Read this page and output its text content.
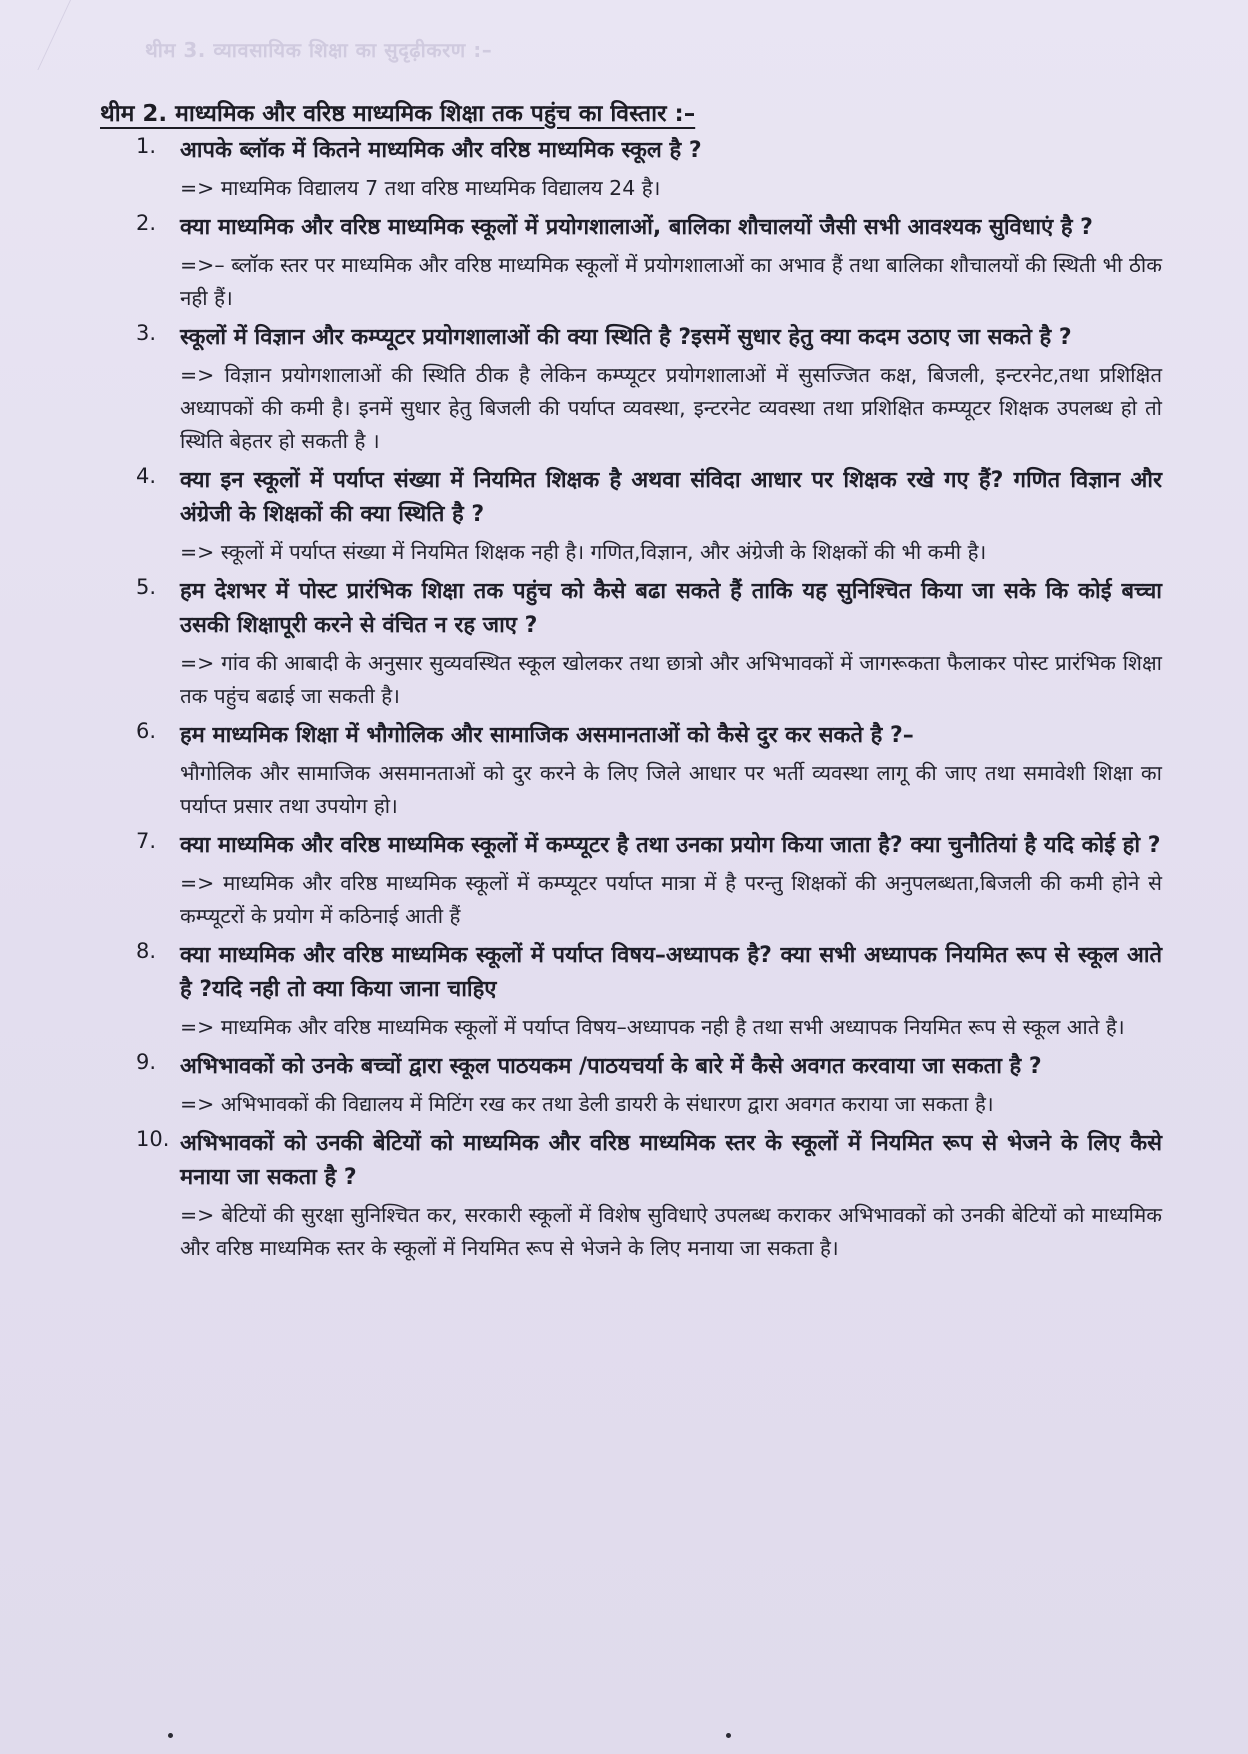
थीम 3. व्यावसायिक शिक्षा का सुदृढ़ीकरण :–
थीम 2. माध्यमिक और वरिष्ठ माध्यमिक शिक्षा तक पहुंच का विस्तार :–
1. आपके ब्लॉक में कितने माध्यमिक और वरिष्ठ माध्यमिक स्कूल है ?
=> माध्यमिक विद्यालय 7 तथा वरिष्ठ माध्यमिक विद्यालय 24 है।
2. क्या माध्यमिक और वरिष्ठ माध्यमिक स्कूलों में प्रयोगशालाओं, बालिका शौचालयों जैसी सभी आवश्यक सुविधाएं है ?
=>– ब्लॉक स्तर पर माध्यमिक और वरिष्ठ माध्यमिक स्कूलों में प्रयोगशालाओं का अभाव हैं तथा बालिका शौचालयों की स्थिती भी ठीक नही हैं।
3. स्कूलों में विज्ञान और कम्प्यूटर प्रयोगशालाओं की क्या स्थिति है ?इसमें सुधार हेतु क्या कदम उठाए जा सकते है ?
=> विज्ञान प्रयोगशालाओं की स्थिति ठीक है लेकिन कम्प्यूटर प्रयोगशालाओं में सुसज्जित कक्ष, बिजली, इन्टरनेट,तथा प्रशिक्षित अध्यापकों की कमी है। इनमें सुधार हेतु बिजली की पर्याप्त व्यवस्था, इन्टरनेट व्यवस्था तथा प्रशिक्षित कम्प्यूटर शिक्षक उपलब्ध हो तो स्थिति बेहतर हो सकती है ।
4. क्या इन स्कूलों में पर्याप्त संख्या में नियमित शिक्षक है अथवा संविदा आधार पर शिक्षक रखे गए हैं? गणित विज्ञान और अंग्रेजी के शिक्षकों की क्या स्थिति है ?
=> स्कूलों में पर्याप्त संख्या में नियमित शिक्षक नही है। गणित,विज्ञान, और अंग्रेजी के शिक्षकों की भी कमी है।
5. हम देशभर में पोस्ट प्रारंभिक शिक्षा तक पहुंच को कैसे बढा सकते हैं ताकि यह सुनिश्चित किया जा सके कि कोई बच्चा उसकी शिक्षापूरी करने से वंचित न रह जाए ?
=> गांव की आबादी के अनुसार सुव्यवस्थित स्कूल खोलकर तथा छात्रो और अभिभावकों में जागरूकता फैलाकर पोस्ट प्रारंभिक शिक्षा तक पहुंच बढाई जा सकती है।
6. हम माध्यमिक शिक्षा में भौगोलिक और सामाजिक असमानताओं को कैसे दुर कर सकते है ?–
भौगोलिक और सामाजिक असमानताओं को दुर करने के लिए जिले आधार पर भर्ती व्यवस्था लागू की जाए तथा समावेशी शिक्षा का पर्याप्त प्रसार तथा उपयोग हो।
7. क्या माध्यमिक और वरिष्ठ माध्यमिक स्कूलों में कम्प्यूटर है तथा उनका प्रयोग किया जाता है? क्या चुनौतियां है यदि कोई हो ?
=> माध्यमिक और वरिष्ठ माध्यमिक स्कूलों में कम्प्यूटर पर्याप्त मात्रा में है परन्तु शिक्षकों की अनुपलब्धता,बिजली की कमी होने से कम्प्यूटरों के प्रयोग में कठिनाई आती हैं
8. क्या माध्यमिक और वरिष्ठ माध्यमिक स्कूलों में पर्याप्त विषय–अध्यापक है? क्या सभी अध्यापक नियमित रूप से स्कूल आते है ?यदि नही तो क्या किया जाना चाहिए
=> माध्यमिक और वरिष्ठ माध्यमिक स्कूलों में पर्याप्त विषय–अध्यापक नही है तथा सभी अध्यापक नियमित रूप से स्कूल आते है।
9. अभिभावकों को उनके बच्चों द्वारा स्कूल पाठयकम /पाठयचर्या के बारे में कैसे अवगत करवाया जा सकता है ?
=> अभिभावकों की विद्यालय में मिटिंग रख कर तथा डेली डायरी के संधारण द्वारा अवगत कराया जा सकता है।
10. अभिभावकों को उनकी बेटियों को माध्यमिक और वरिष्ठ माध्यमिक स्तर के स्कूलों में नियमित रूप से भेजने के लिए कैसे मनाया जा सकता है ?
=> बेटियों की सुरक्षा सुनिश्चित कर, सरकारी स्कूलों में विशेष सुविधाऐ उपलब्ध कराकर अभिभावकों को उनकी बेटियों को माध्यमिक और वरिष्ठ माध्यमिक स्तर के स्कूलों में नियमित रूप से भेजने के लिए मनाया जा सकता है।
